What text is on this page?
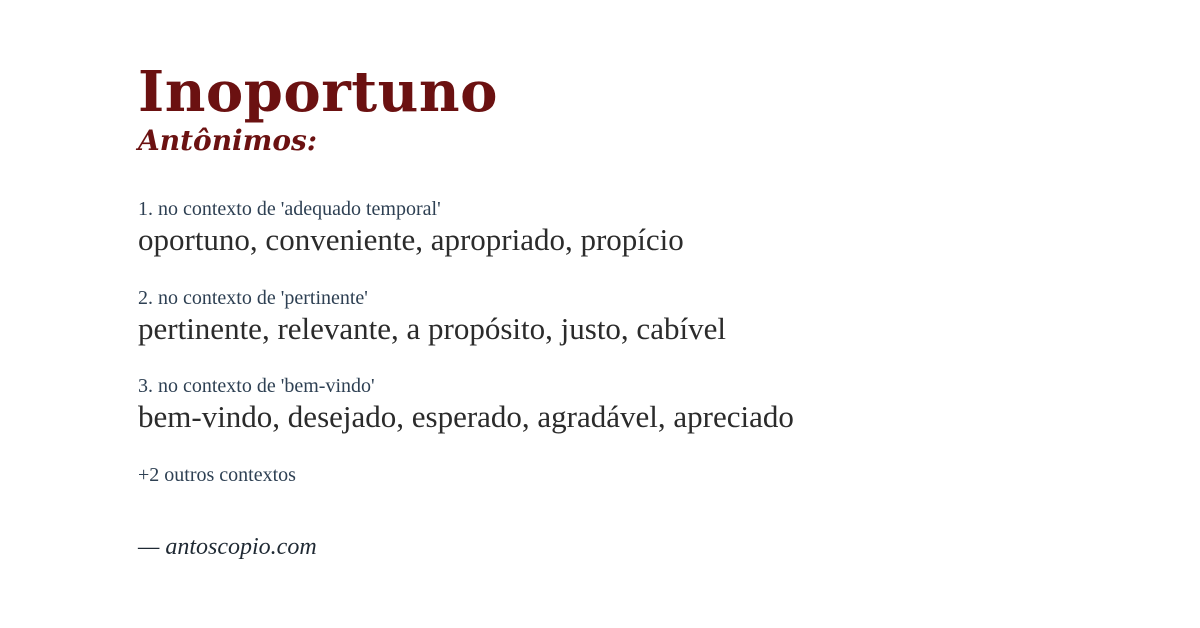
Inoportuno
Antônimos:
1. no contexto de 'adequado temporal'
oportuno, conveniente, apropriado, propício
2. no contexto de 'pertinente'
pertinente, relevante, a propósito, justo, cabível
3. no contexto de 'bem-vindo'
bem-vindo, desejado, esperado, agradável, apreciado
+2 outros contextos
— antoscopio.com
